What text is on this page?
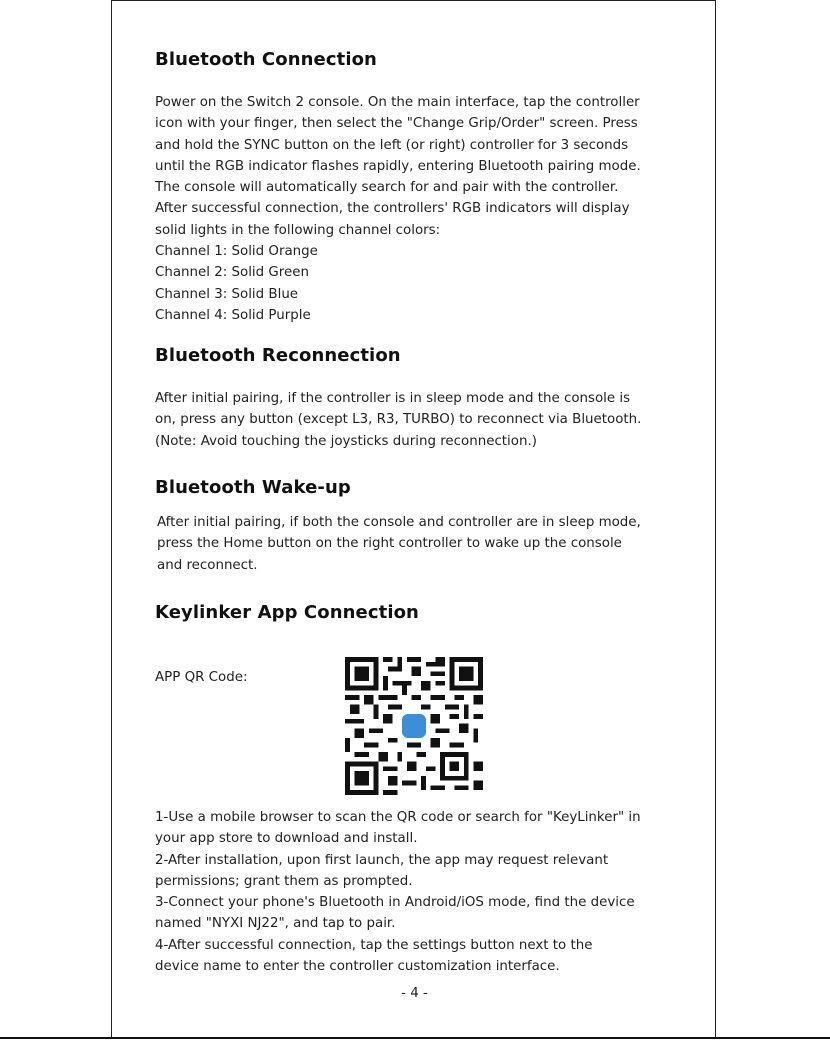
Bluetooth Connection
Power on the Switch 2 console. On the main interface, tap the controller
icon with your finger, then select the "Change Grip/Order" screen. Press
and hold the SYNC button on the left (or right) controller for 3 seconds
until the RGB indicator flashes rapidly, entering Bluetooth pairing mode.
The console will automatically search for and pair with the controller.
After successful connection, the controllers' RGB indicators will display
solid lights in the following channel colors:
Channel 1: Solid Orange
Channel 2: Solid Green
Channel 3: Solid Blue
Channel 4: Solid Purple
Bluetooth Reconnection
After initial pairing, if the controller is in sleep mode and the console is
on, press any button (except L3, R3, TURBO) to reconnect via Bluetooth.
(Note: Avoid touching the joysticks during reconnection.)
Bluetooth Wake-up
After initial pairing, if both the console and controller are in sleep mode,
press the Home button on the right controller to wake up the console
and reconnect.
Keylinker App Connection
APP QR Code:
1-Use a mobile browser to scan the QR code or search for "KeyLinker" in
your app store to download and install.
2-After installation, upon first launch, the app may request relevant
permissions; grant them as prompted.
3-Connect your phone's Bluetooth in Android/iOS mode, find the device
named "NYXI NJ22", and tap to pair.
4-After successful connection, tap the settings button next to the
device name to enter the controller customization interface.
- 4 -
